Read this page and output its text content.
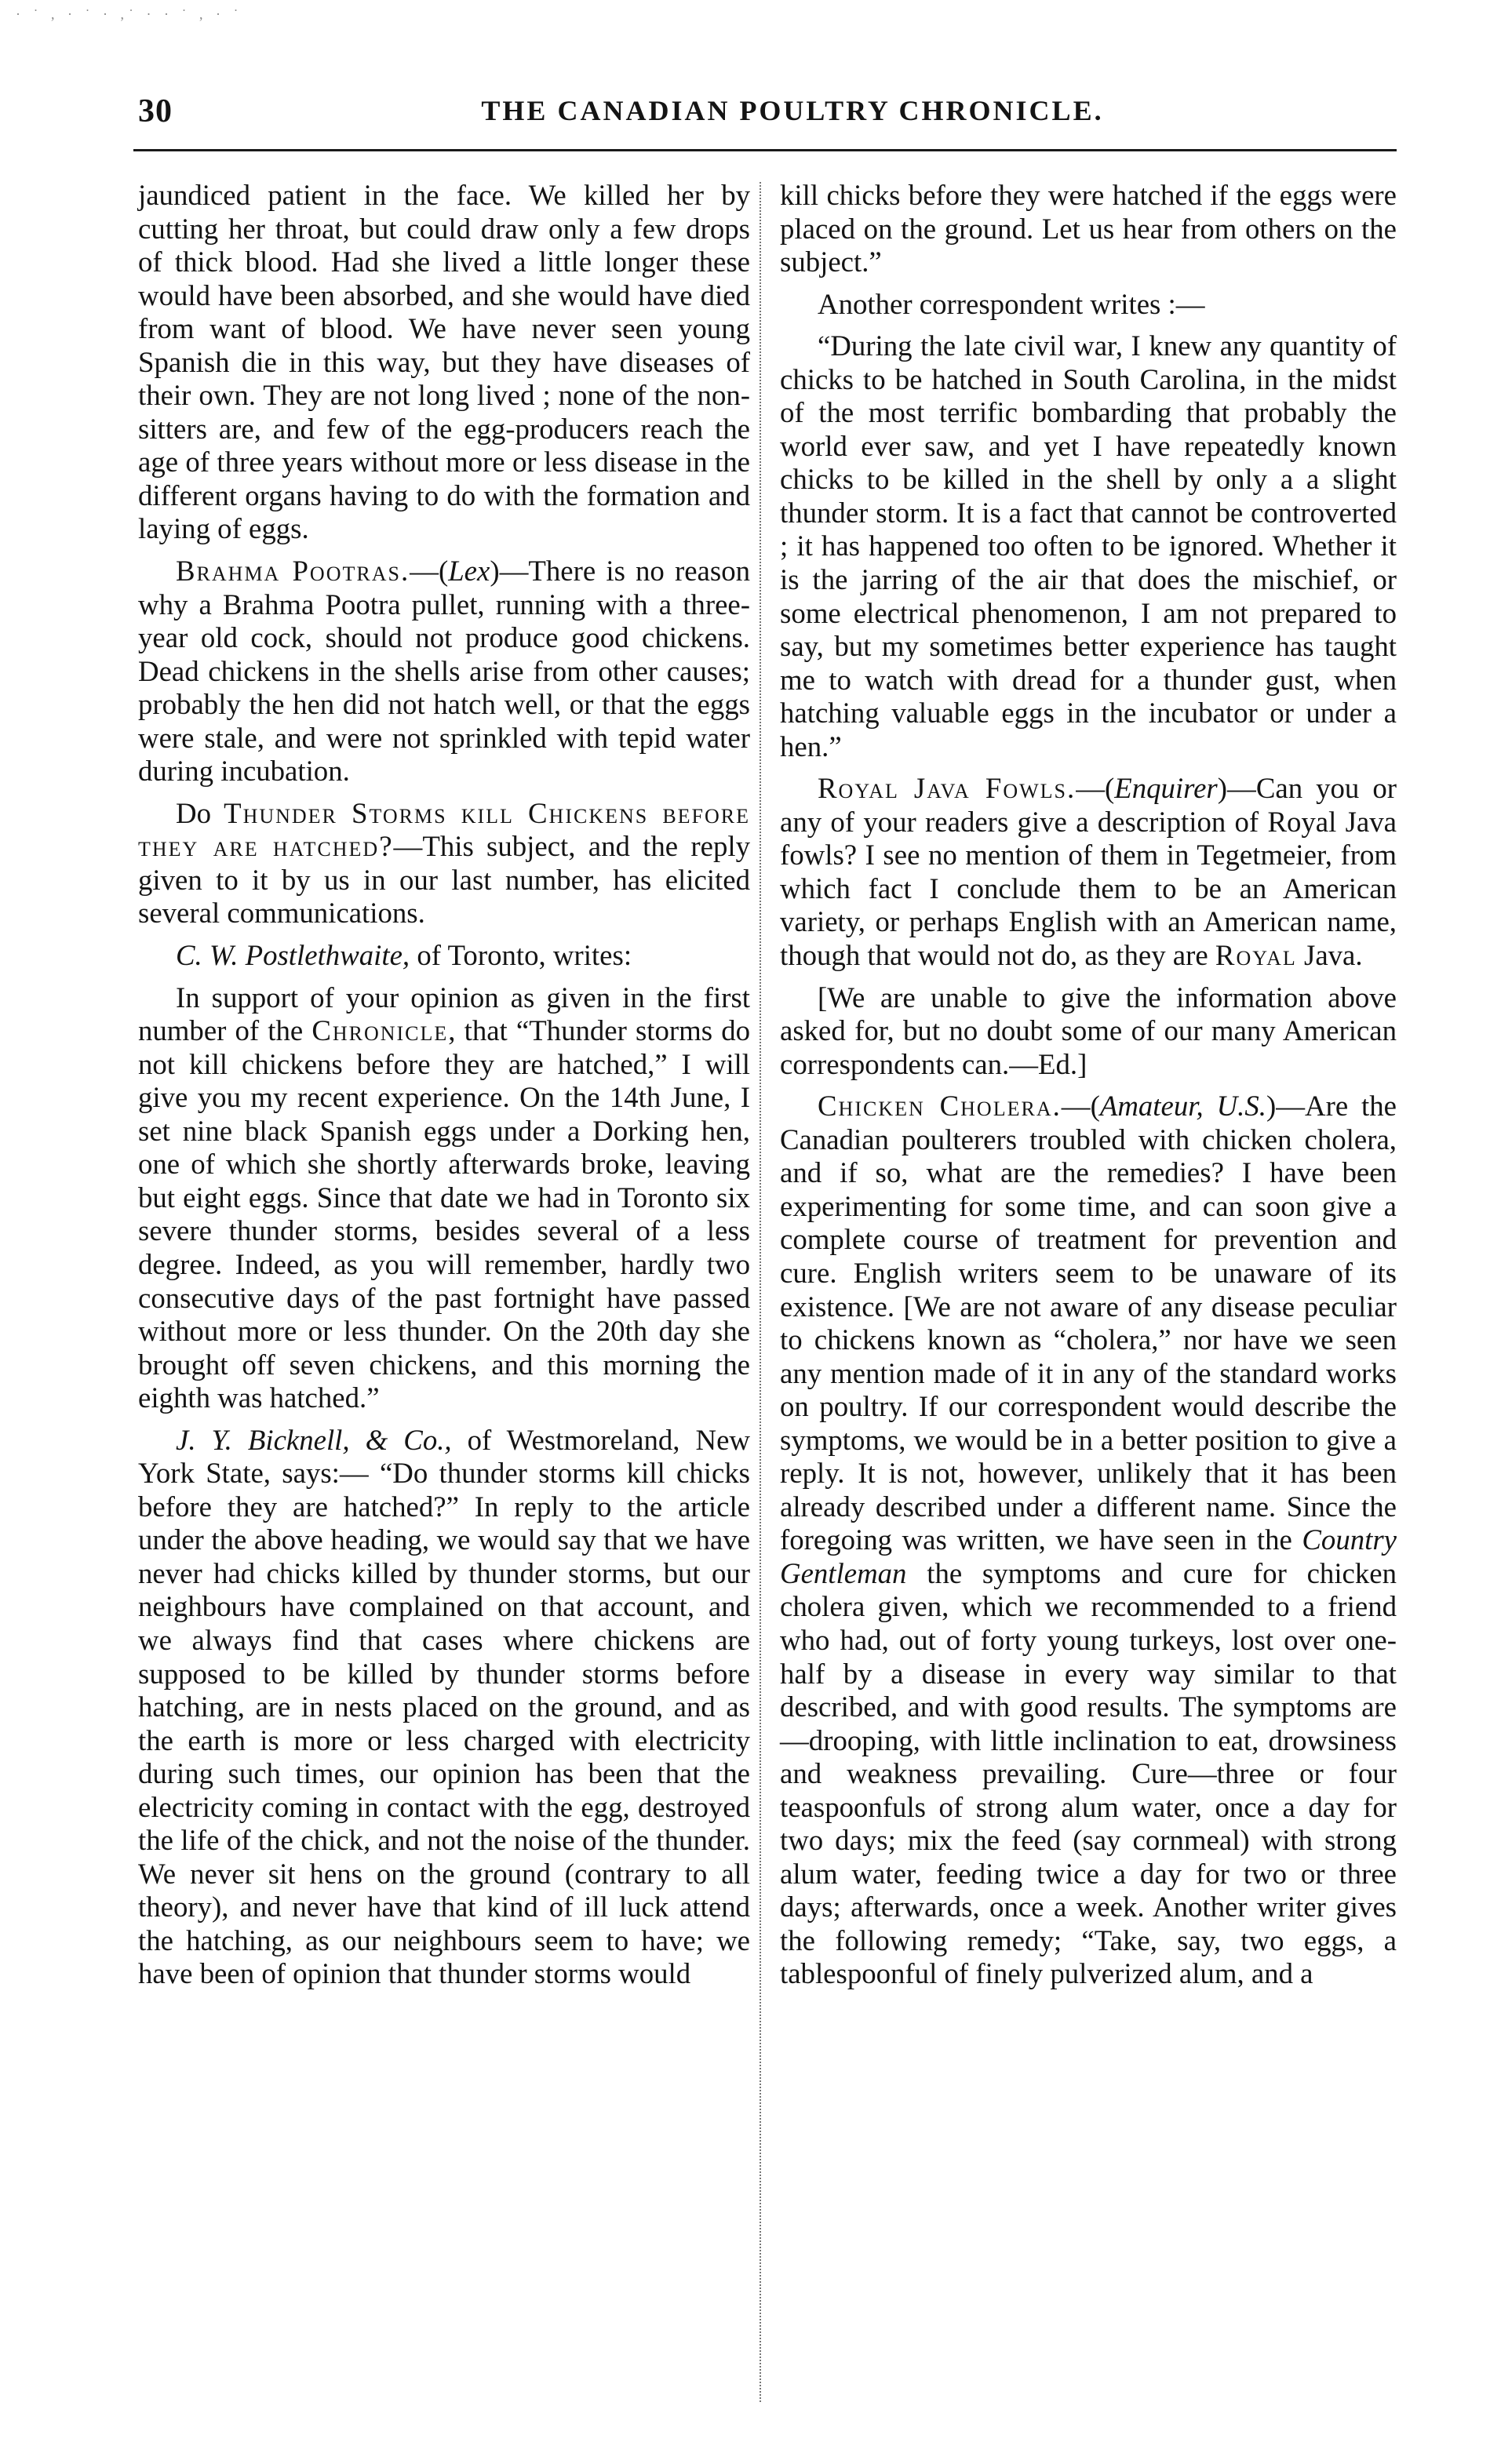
· ˙ , · ˙ · ,˙ · · ˙ , · ˙
30	THE CANADIAN POULTRY CHRONICLE.

jaundiced patient in the face. We killed her by cutting her throat, but could draw only a few drops of thick blood. Had she lived a little longer these would have been absorbed, and she would have died from want of blood. We have never seen young Spanish die in this way, but they have diseases of their own. They are not long lived ; none of the non-sitters are, and few of the egg-producers reach the age of three years without more or less disease in the different organs having to do with the formation and laying of eggs.

Brahma Pootras.—(Lex)—There is no reason why a Brahma Pootra pullet, running with a three-year old cock, should not produce good chickens. Dead chickens in the shells arise from other causes; probably the hen did not hatch well, or that the eggs were stale, and were not sprinkled with tepid water during incubation.

Do Thunder Storms kill Chickens before they are hatched?—This subject, and the reply given to it by us in our last number, has elicited several communications.

C. W. Postlethwaite, of Toronto, writes:

In support of your opinion as given in the first number of the Chronicle, that “Thunder storms do not kill chickens before they are hatched,” I will give you my recent experience. On the 14th June, I set nine black Spanish eggs under a Dorking hen, one of which she shortly afterwards broke, leaving but eight eggs. Since that date we had in Toronto six severe thunder storms, besides several of a less degree. Indeed, as you will remember, hardly two consecutive days of the past fortnight have passed without more or less thunder. On the 20th day she brought off seven chickens, and this morning the eighth was hatched.”

J. Y. Bicknell, & Co., of Westmoreland, New York State, says:— “Do thunder storms kill chicks before they are hatched?” In reply to the article under the above heading, we would say that we have never had chicks killed by thunder storms, but our neighbours have complained on that account, and we always find that cases where chickens are supposed to be killed by thunder storms before hatching, are in nests placed on the ground, and as the earth is more or less charged with electricity during such times, our opinion has been that the electricity coming in contact with the egg, destroyed the life of the chick, and not the noise of the thunder. We never sit hens on the ground (contrary to all theory), and never have that kind of ill luck attend the hatching, as our neighbours seem to have; we have been of opinion that thunder storms would

kill chicks before they were hatched if the eggs were placed on the ground. Let us hear from others on the subject.”

Another correspondent writes :—

“During the late civil war, I knew any quantity of chicks to be hatched in South Carolina, in the midst of the most terrific bombarding that probably the world ever saw, and yet I have repeatedly known chicks to be killed in the shell by only a a slight thunder storm. It is a fact that cannot be controverted ; it has happened too often to be ignored. Whether it is the jarring of the air that does the mischief, or some electrical phenomenon, I am not prepared to say, but my sometimes better experience has taught me to watch with dread for a thunder gust, when hatching valuable eggs in the incubator or under a hen.”

Royal Java Fowls.—(Enquirer)—Can you or any of your readers give a description of Royal Java fowls? I see no mention of them in Tegetmeier, from which fact I conclude them to be an American variety, or perhaps English with an American name, though that would not do, as they are Royal Java.

[We are unable to give the information above asked for, but no doubt some of our many American correspondents can.—Ed.]

Chicken Cholera.—(Amateur, U.S.)—Are the Canadian poulterers troubled with chicken cholera, and if so, what are the remedies? I have been experimenting for some time, and can soon give a complete course of treatment for prevention and cure. English writers seem to be unaware of its existence. [We are not aware of any disease peculiar to chickens known as “cholera,” nor have we seen any mention made of it in any of the standard works on poultry. If our correspondent would describe the symptoms, we would be in a better position to give a reply. It is not, however, unlikely that it has been already described under a different name. Since the foregoing was written, we have seen in the Country Gentleman the symptoms and cure for chicken cholera given, which we recommended to a friend who had, out of forty young turkeys, lost over one-half by a disease in every way similar to that described, and with good results. The symptoms are—drooping, with little inclination to eat, drowsiness and weakness prevailing. Cure—three or four teaspoonfuls of strong alum water, once a day for two days; mix the feed (say cornmeal) with strong alum water, feeding twice a day for two or three days; afterwards, once a week. Another writer gives the following remedy; “Take, say, two eggs, a tablespoonful of finely pulverized alum, and a
